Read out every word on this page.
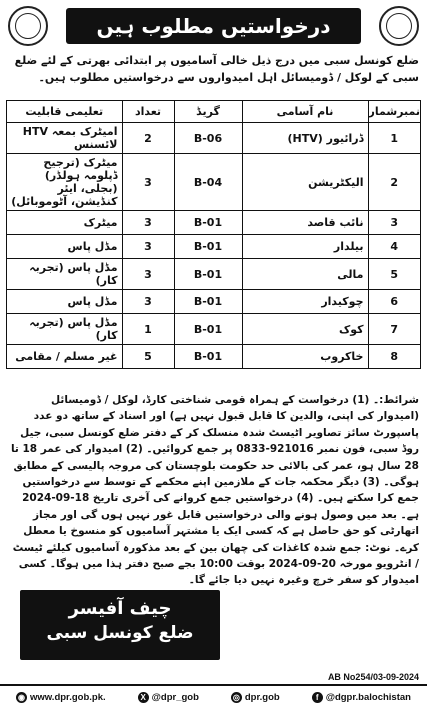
درخواستیں مطلوب ہیں
ضلع کونسل سبی میں درج ذیل خالی آسامیوں پر ابتدائی بھرتی کے لئے ضلع سبی کے لوکل / ڈومیسائل اہل امیدواروں سے درخواستیں مطلوب ہیں۔
نمبرشمار	نام آسامی	گریڈ	تعداد	تعلیمی قابلیت
1	ڈرائیور (HTV)	B-06	2	امیٹرک بمعہ HTV لائسنس
2	الیکٹریشن	B-04	3	میٹرک (ترجیح ڈپلومہ ہولڈر) (بجلی، ایئر کنڈیشن، آٹوموبائل)
3	نائب قاصد	B-01	3	میٹرک
4	بیلدار	B-01	3	مڈل پاس
5	مالی	B-01	3	مڈل پاس (تجربہ کار)
6	چوکیدار	B-01	3	مڈل پاس
7	کوک	B-01	1	مڈل پاس (تجربہ کار)
8	خاکروب	B-01	5	غیر مسلم / مقامی
شرائط:۔ (1) درخواست کے ہمراہ قومی شناختی کارڈ، لوکل / ڈومیسائل (امیدوار کی اپنی، والدین کا قابل قبول نہیں ہے) اور اسناد کے ساتھ دو عدد پاسپورٹ سائز تصاویر اٹیسٹ شدہ منسلک کر کے دفتر ضلع کونسل سبی، جیل روڈ سبی، فون نمبر 921016-0833 پر جمع کروائیں۔ (2) امیدوار کی عمر 18 تا 28 سال ہو، عمر کی بالائی حد حکومت بلوچستان کی مروجہ پالیسی کے مطابق ہوگی۔ (3) دیگر محکمہ جات کے ملازمین اپنے محکمے کے توسط سے درخواستیں جمع کرا سکتے ہیں۔ (4) درخواستیں جمع کروانے کی آخری تاریخ 18-09-2024 ہے۔ بعد میں وصول ہونے والی درخواستیں قابل غور نہیں ہوں گی اور مجاز اتھارٹی کو حق حاصل ہے کہ کسی ایک یا مشتہر آسامیوں کو منسوخ یا معطل کرے۔ نوٹ: جمع شدہ کاغذات کی چھان بین کے بعد مذکورہ آسامیوں کیلئے ٹیسٹ / انٹرویو مورخہ 20-09-2024 بوقت 10:00 بجے صبح دفتر ہذا میں ہوگا۔ کسی امیدوار کو سفر خرچ وغیرہ نہیں دیا جائے گا۔
چیف آفیسر
ضلع کونسل سبی
AB No254/03-09-2024
◉ www.dpr.gob.pk.	X @dpr_gob	◎ dpr.gob	f @dgpr.balochistan
